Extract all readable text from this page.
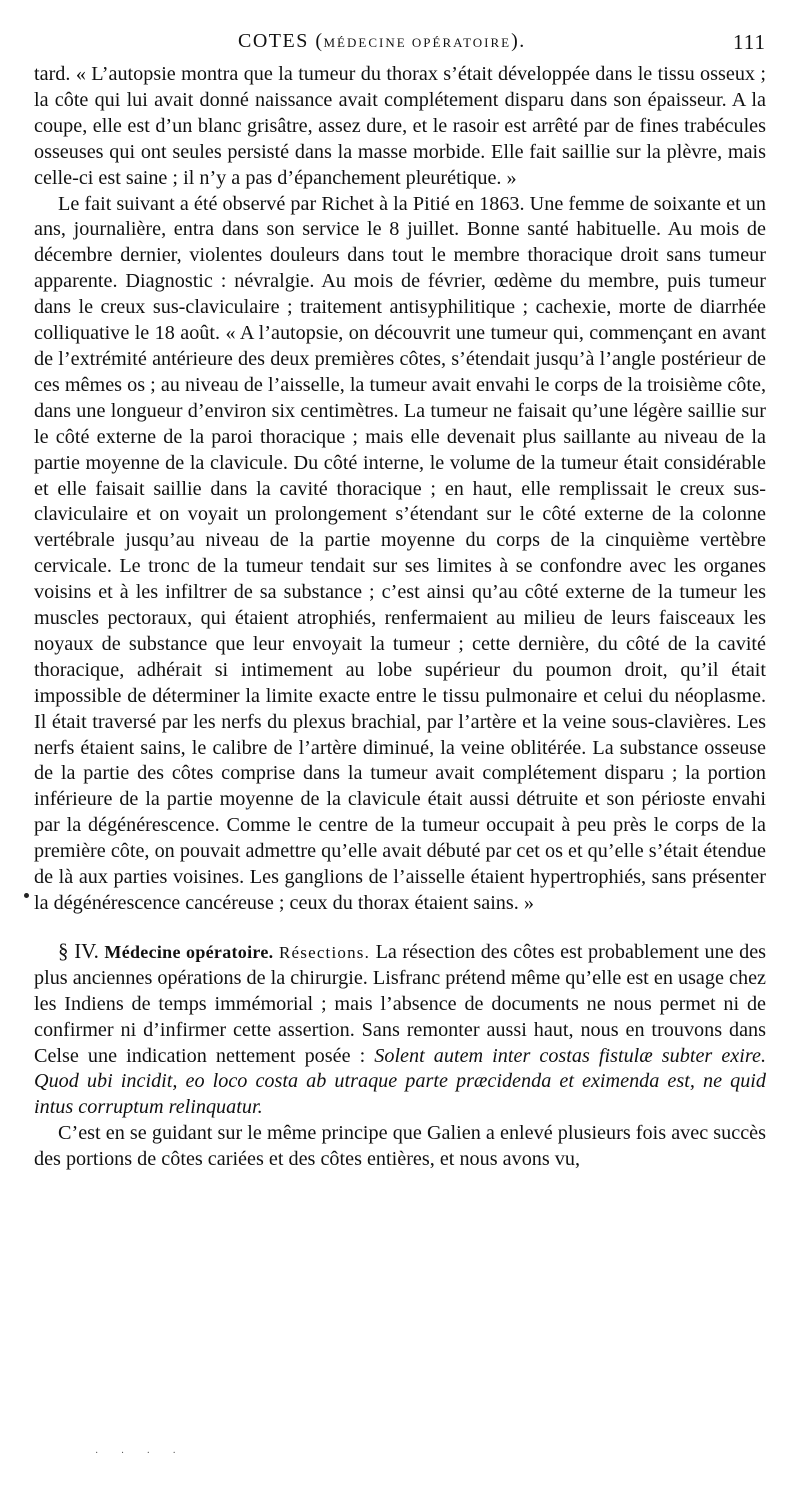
COTES (MÉDECINE OPÉRATOIRE).	111

tard. « L’autopsie montra que la tumeur du thorax s’était développée dans le tissu osseux ; la côte qui lui avait donné naissance avait complétement disparu dans son épaisseur. A la coupe, elle est d’un blanc grisâtre, assez dure, et le rasoir est arrêté par de fines trabécules osseuses qui ont seules persisté dans la masse morbide. Elle fait saillie sur la plèvre, mais celle-ci est saine ; il n’y a pas d’épanchement pleurétique. »

Le fait suivant a été observé par Richet à la Pitié en 1863. Une femme de soixante et un ans, journalière, entra dans son service le 8 juillet. Bonne santé habituelle. Au mois de décembre dernier, violentes douleurs dans tout le membre thoracique droit sans tumeur apparente. Diagnostic : névralgie. Au mois de février, œdème du membre, puis tumeur dans le creux sus-claviculaire ; traitement antisyphilitique ; cachexie, morte de diarrhée colliquative le 18 août. « A l’autopsie, on découvrit une tumeur qui, commençant en avant de l’extrémité antérieure des deux premières côtes, s’étendait jusqu’à l’angle postérieur de ces mêmes os ; au niveau de l’aisselle, la tumeur avait envahi le corps de la troisième côte, dans une longueur d’environ six centimètres. La tumeur ne faisait qu’une légère saillie sur le côté externe de la paroi thoracique ; mais elle devenait plus saillante au niveau de la partie moyenne de la clavicule. Du côté interne, le volume de la tumeur était considérable et elle faisait saillie dans la cavité thoracique ; en haut, elle remplissait le creux sus-claviculaire et on voyait un prolongement s’étendant sur le côté externe de la colonne vertébrale jusqu’au niveau de la partie moyenne du corps de la cinquième vertèbre cervicale. Le tronc de la tumeur tendait sur ses limites à se confondre avec les organes voisins et à les infiltrer de sa substance ; c’est ainsi qu’au côté externe de la tumeur les muscles pectoraux, qui étaient atrophiés, renfermaient au milieu de leurs faisceaux les noyaux de substance que leur envoyait la tumeur ; cette dernière, du côté de la cavité thoracique, adhérait si intimement au lobe supérieur du poumon droit, qu’il était impossible de déterminer la limite exacte entre le tissu pulmonaire et celui du néoplasme. Il était traversé par les nerfs du plexus brachial, par l’artère et la veine sous-clavières. Les nerfs étaient sains, le calibre de l’artère diminué, la veine oblitérée. La substance osseuse de la partie des côtes comprise dans la tumeur avait complétement disparu ; la portion inférieure de la partie moyenne de la clavicule était aussi détruite et son périoste envahi par la dégénérescence. Comme le centre de la tumeur occupait à peu près le corps de la première côte, on pouvait admettre qu’elle avait débuté par cet os et qu’elle s’était étendue de là aux parties voisines. Les ganglions de l’aisselle étaient hypertrophiés, sans présenter la dégénérescence cancéreuse ; ceux du thorax étaient sains. »

§ IV. Médecine opératoire. Résections. La résection des côtes est probablement une des plus anciennes opérations de la chirurgie. Lisfranc prétend même qu’elle est en usage chez les Indiens de temps immémorial ; mais l’absence de documents ne nous permet ni de confirmer ni d’infirmer cette assertion. Sans remonter aussi haut, nous en trouvons dans Celse une indication nettement posée : Solent autem inter costas fistulæ subter exire. Quod ubi incidit, eo loco costa ab utraque parte præcidenda et eximenda est, ne quid intus corruptum relinquatur.

C’est en se guidant sur le même principe que Galien a enlevé plusieurs fois avec succès des portions de côtes cariées et des côtes entières, et nous avons vu,

· · · ·
